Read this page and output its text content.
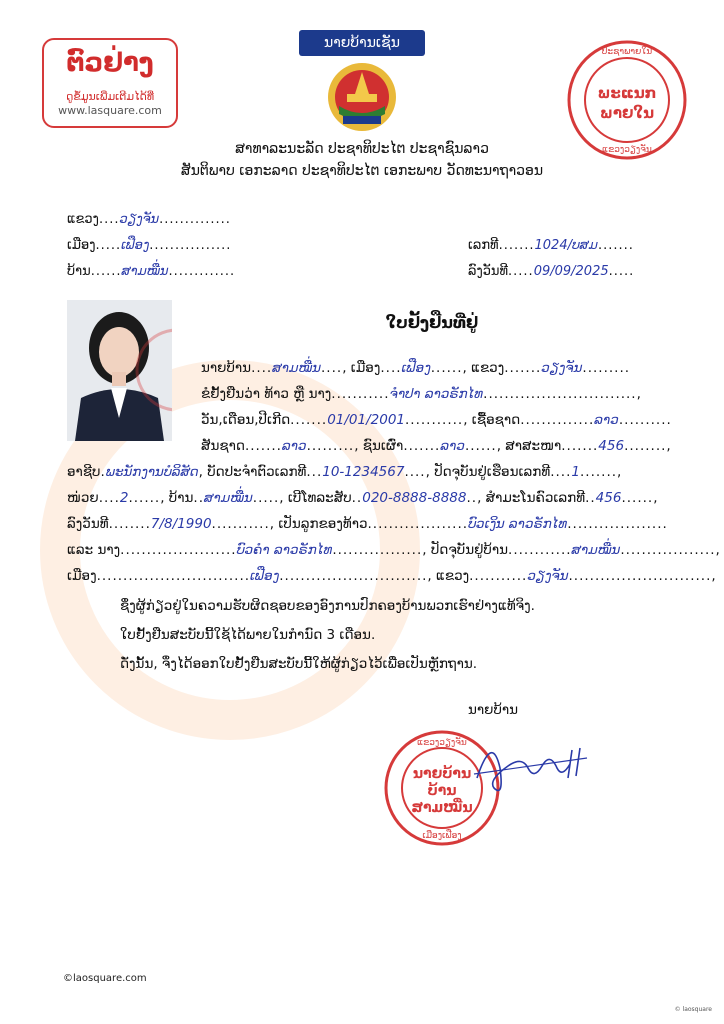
ຕົວຢ່າງ
ດູຂໍ້ມູນເພີ່ມເຕີມໄດ້ທີ່
www.lasquare.com
ນາຍບ້ານເຊັນ
ສາທາລະນະລັດ ປະຊາທິປະໄຕ ປະຊາຊົນລາວ
ສັນຕິພາບ ເອກະລາດ ປະຊາທິປະໄຕ ເອກະພາບ ວັດທະນາຖາວອນ
ພະແນກ
ພາຍໃນ
ປະຊາພາຍໃນ
ແຂວງວຽງຈັນ
ແຂວງ....ວຽງຈັນ..............
ເມືອງ.....ເຟືອງ................
ບ້ານ......ສາມໝື່ນ.............
ເລກທີ.......1024/ບສມ.......
ລົງວັນທີ.....09/09/2025.....
ໃບຢັ້ງຢືນທີ່ຢູ່
ນາຍບ້ານ....ສາມໝື່ນ...., ເມືອງ....ເຟືອງ......, ແຂວງ.......ວຽງຈັນ.........
ຂໍຢັ້ງຢືນວ່າ ທ້າວ ຫຼື ນາງ...........ຈໍາປາ ລາວຣັກໄທ.............................,
ວັນ,ເດືອນ,ປີເກີດ.......01/01/2001..........., ເຊື້ອຊາດ..............ລາວ..........
ສັນຊາດ.......ລາວ........., ຊົນເຜົ່າ.......ລາວ......, ສາສະໜາ.......456........,
ອາຊີບ.ພະນັກງານບໍລິສັດ, ບັດປະຈໍາຕົວເລກທີ...10-1234567...., ປັດຈຸບັນຢູ່ເຮືອນເລກທີ....1.......,
ໜ່ວຍ....2......, ບ້ານ..ສາມໝື່ນ....., ເບີໂທລະສັບ..020-8888-8888.., ສໍາມະໂນຄົວເລກທີ..456......,
ລົງວັນທີ........7/8/1990..........., ເປັນລູກຂອງທ້າວ...................ບົວເງິນ ລາວຣັກໄທ...................
ແລະ ນາງ......................ບົວຄໍາ ລາວຣັກໄທ................., ປັດຈຸບັນຢູ່ບ້ານ............ສາມໝື່ນ..................,
ເມືອງ.............................ເຟືອງ............................, ແຂວງ...........ວຽງຈັນ...........................,
ຊຶ່ງຜູ້ກ່ຽວຢູ່ໃນຄວາມຮັບຜິດຊອບຂອງອົງການປົກຄອງບ້ານພວກເຮົາຢ່າງແທ້ຈິງ.
ໃບຢັ້ງຢືນສະບັບນີ້ໃຊ້ໄດ້ພາຍໃນກໍານົດ 3 ເດືອນ.
ດັ່ງນັ້ນ, ຈຶ່ງໄດ້ອອກໃບຢັ້ງຢືນສະບັບນີ້ໃຫ້ຜູ້ກ່ຽວໄວ້ເພື່ອເປັນຫຼັກຖານ.
ນາຍບ້ານ
ແຂວງວຽງຈັນ
ນາຍບ້ານ
ບ້ານ
ສາມໝື່ນ
ເມືອງເຟືອງ
©laosquare.com
© laosquare
